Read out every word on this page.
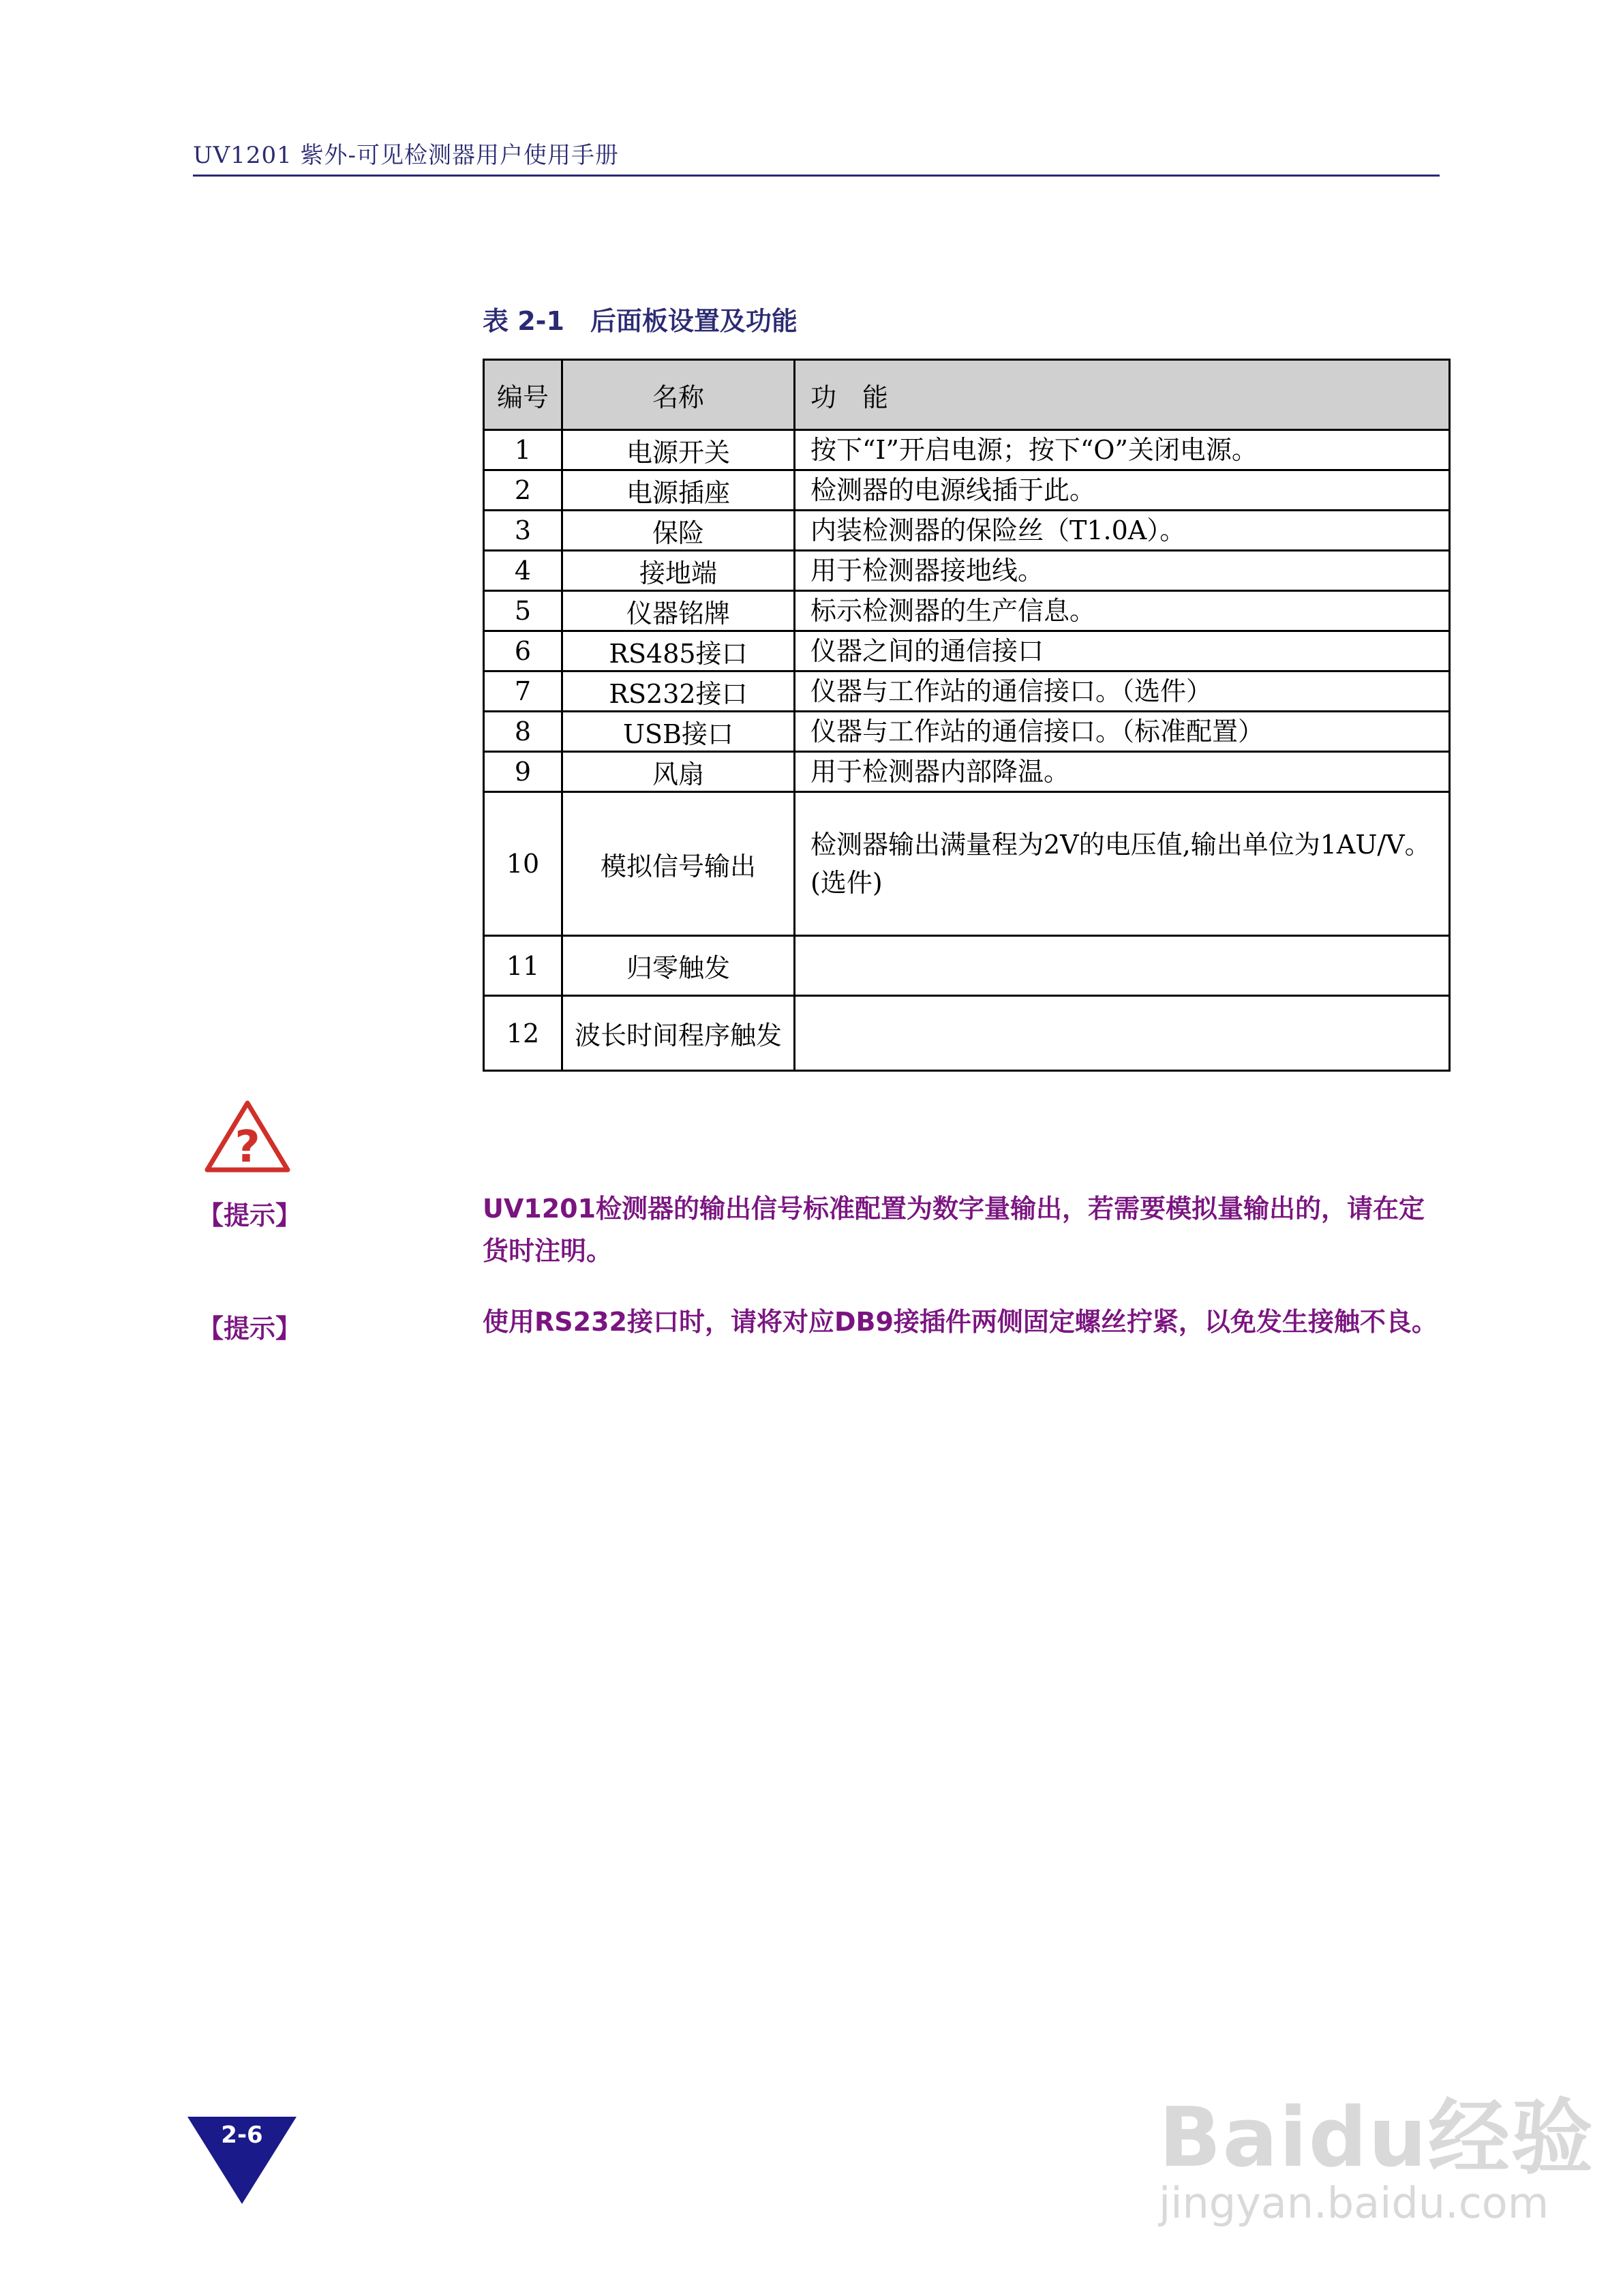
UV1201 紫外-可见检测器用户使用手册
表 2-1　后面板设置及功能
编号	名称	功　能
1	电源开关	按下“I”开启电源；按下“O”关闭电源。
2	电源插座	检测器的电源线插于此。
3	保险	内装检测器的保险丝（T1.0A）。
4	接地端	用于检测器接地线。
5	仪器铭牌	标示检测器的生产信息。
6	RS485接口	仪器之间的通信接口
7	RS232接口	仪器与工作站的通信接口。（选件）
8	USB接口	仪器与工作站的通信接口。（标准配置）
9	风扇	用于检测器内部降温。
10	模拟信号输出	检测器输出满量程为2V的电压值,输出单位为1AU/V。(选件)
11	归零触发	
12	波长时间程序触发	
?
【提示】	UV1201检测器的输出信号标准配置为数字量输出，若需要模拟量输出的，请在定货时注明。
【提示】	使用RS232接口时，请将对应DB9接插件两侧固定螺丝拧紧，以免发生接触不良。
2-6	Baidu经验
jingyan.baidu.com
